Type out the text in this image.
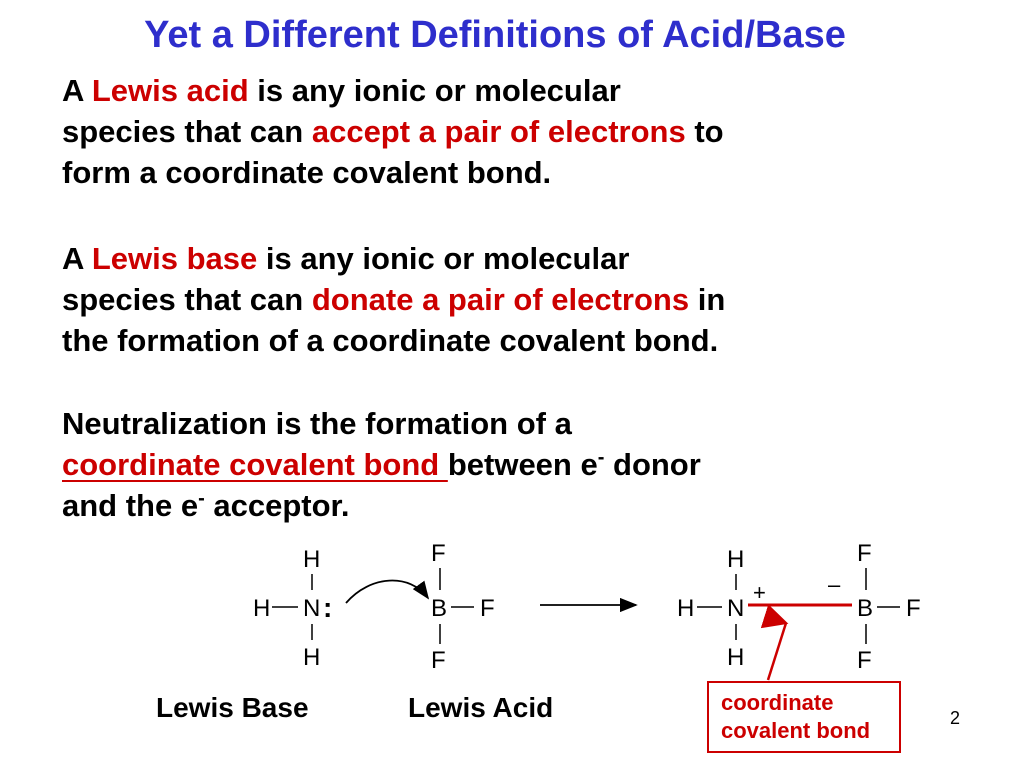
Yet a Different Definitions of Acid/Base
A Lewis acid is any ionic or molecular
species that can accept a pair of electrons to
form a coordinate covalent bond.
A Lewis base is any ionic or molecular
species that can donate a pair of electrons in
the formation of a coordinate covalent bond.
Neutralization is the formation of a
coordinate covalent bond between e- donor
and the e- acceptor.
H
N :
H
H
F
B F
F
H
H N
+
H
F
–
B F
F
Lewis Base	Lewis Acid	coordinate
covalent bond	2
